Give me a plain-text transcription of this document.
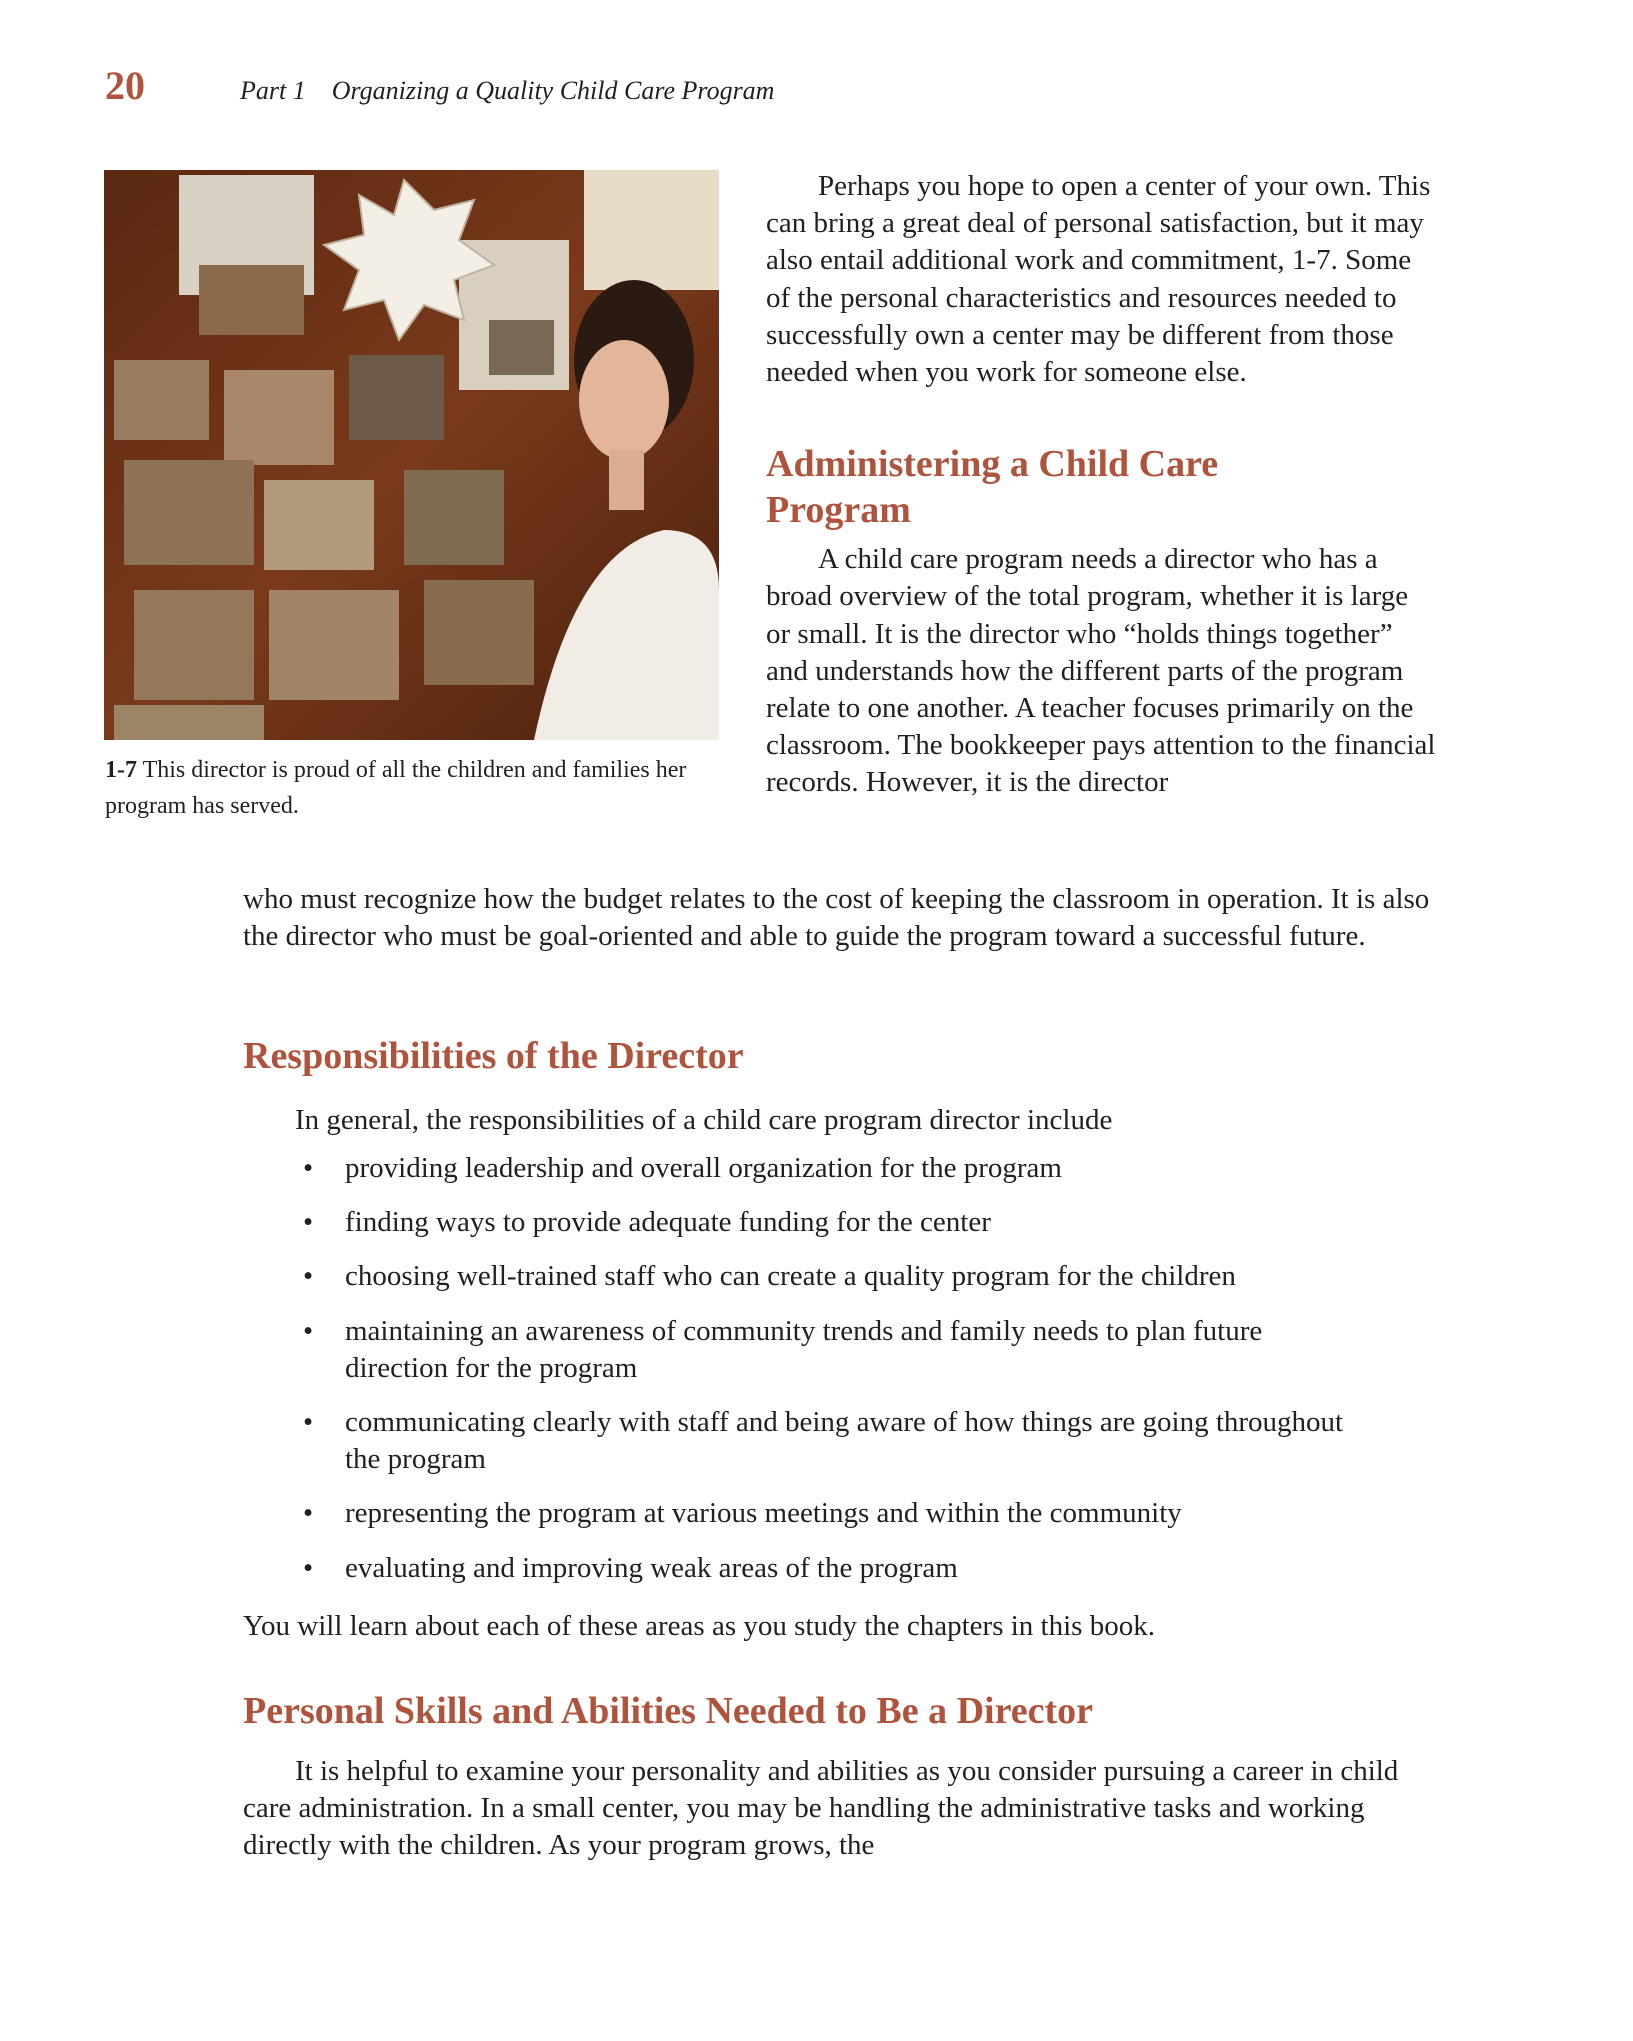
20	Part 1    Organizing a Quality Child Care Program
1-7 This director is proud of all the children and families her program has served.

Perhaps you hope to open a center of your own. This can bring a great deal of personal satisfaction, but it may also entail additional work and commitment, 1-7. Some of the personal characteristics and resources needed to successfully own a center may be different from those needed when you work for someone else.

Administering a Child Care Program

A child care program needs a director who has a broad overview of the total program, whether it is large or small. It is the director who “holds things together” and understands how the different parts of the program relate to one another. A teacher focuses primarily on the classroom. The bookkeeper pays attention to the financial records. However, it is the director

who must recognize how the budget relates to the cost of keeping the classroom in operation. It is also the director who must be goal-oriented and able to guide the program toward a successful future.

Responsibilities of the Director

In general, the responsibilities of a child care program director include

• providing leadership and overall organization for the program
• finding ways to provide adequate funding for the center
• choosing well-trained staff who can create a quality program for the children
• maintaining an awareness of community trends and family needs to plan future direction for the program
• communicating clearly with staff and being aware of how things are going throughout the program
• representing the program at various meetings and within the community
• evaluating and improving weak areas of the program

You will learn about each of these areas as you study the chapters in this book.

Personal Skills and Abilities Needed to Be a Director

It is helpful to examine your personality and abilities as you consider pursuing a career in child care administration. In a small center, you may be handling the administrative tasks and working directly with the children. As your program grows, the
